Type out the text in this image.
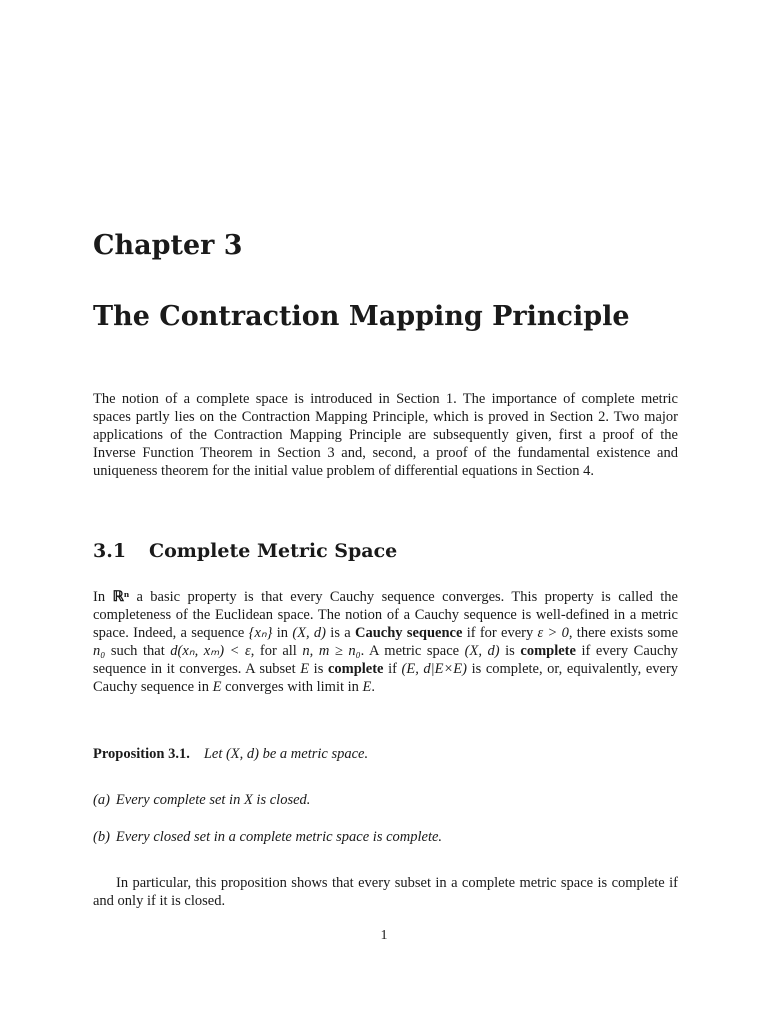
Chapter 3
The Contraction Mapping Principle

The notion of a complete space is introduced in Section 1. The importance of complete metric spaces partly lies on the Contraction Mapping Principle, which is proved in Section 2. Two major applications of the Contraction Mapping Principle are subsequently given, first a proof of the Inverse Function Theorem in Section 3 and, second, a proof of the fundamental existence and uniqueness theorem for the initial value problem of differential equations in Section 4.

3.1 Complete Metric Space

In ℝⁿ a basic property is that every Cauchy sequence converges. This property is called the completeness of the Euclidean space. The notion of a Cauchy sequence is well-defined in a metric space. Indeed, a sequence {xₙ} in (X, d) is a Cauchy sequence if for every ε > 0, there exists some n₀ such that d(xₙ, xₘ) < ε, for all n, m ≥ n₀. A metric space (X, d) is complete if every Cauchy sequence in it converges. A subset E is complete if (E, d|E×E) is complete, or, equivalently, every Cauchy sequence in E converges with limit in E.

Proposition 3.1. Let (X, d) be a metric space.
(a) Every complete set in X is closed.
(b) Every closed set in a complete metric space is complete.

In particular, this proposition shows that every subset in a complete metric space is complete if and only if it is closed.

1
